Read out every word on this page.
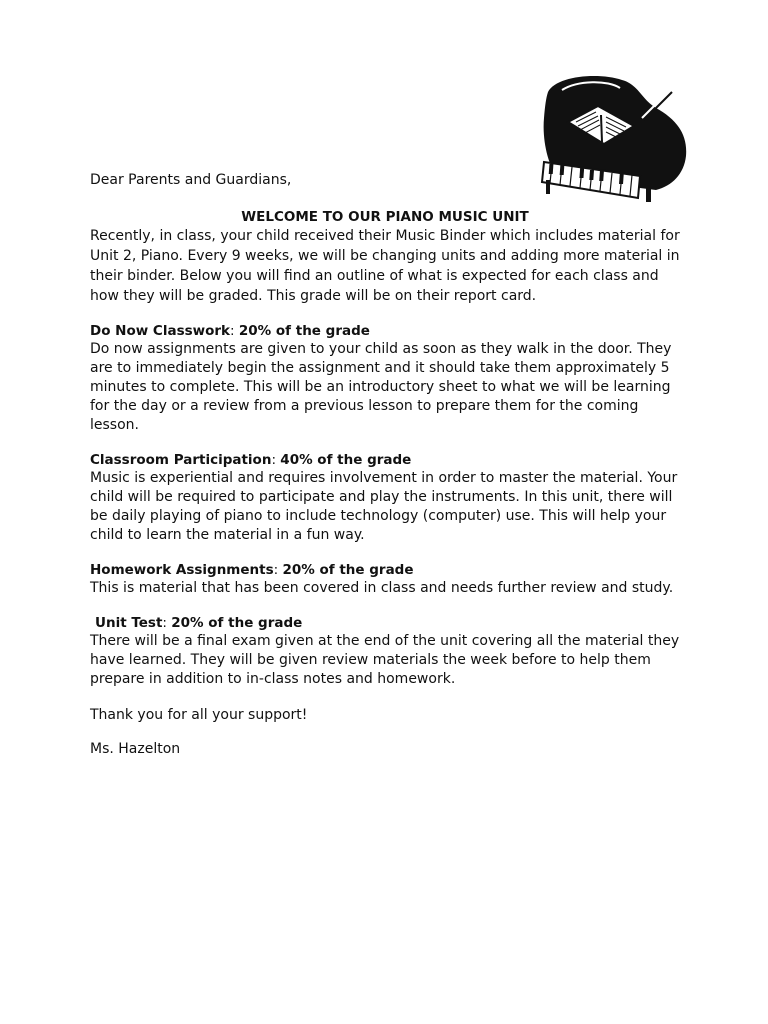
Dear Parents and Guardians,

WELCOME TO OUR PIANO MUSIC UNIT

Recently, in class, your child received their Music Binder which includes material for Unit 2, Piano. Every 9 weeks, we will be changing units and adding more material in their binder. Below you will find an outline of what is expected for each class and how they will be graded. This grade will be on their report card.

Do Now Classwork: 20% of the grade

Do now assignments are given to your child as soon as they walk in the door. They are to immediately begin the assignment and it should take them approximately 5 minutes to complete. This will be an introductory sheet to what we will be learning for the day or a review from a previous lesson to prepare them for the coming lesson.

Classroom Participation: 40% of the grade

Music is experiential and requires involvement in order to master the material. Your child will be required to participate and play the instruments. In this unit, there will be daily playing of piano to include technology (computer) use. This will help your child to learn the material in a fun way.

Homework Assignments: 20% of the grade

This is material that has been covered in class and needs further review and study.

Unit Test: 20% of the grade

There will be a final exam given at the end of the unit covering all the material they have learned. They will be given review materials the week before to help them prepare in addition to in-class notes and homework.

Thank you for all your support!

Ms. Hazelton
